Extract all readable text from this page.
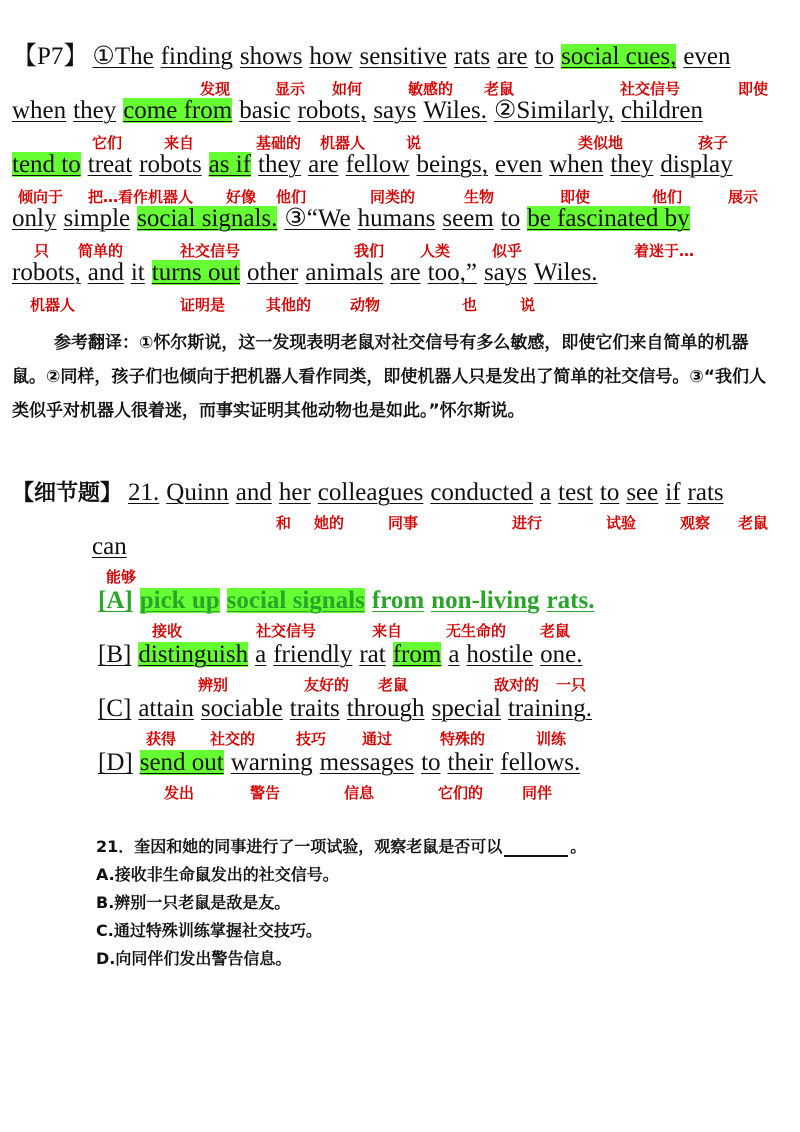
【P7】 ①The finding shows how sensitive rats are to social cues, even
发现	显示 如何	敏感的 老鼠	社交信号	即使
when they come from basic robots, says Wiles. ②Similarly, children
它们	来自	基础的 机器人	说	类似地	孩子
tend to treat robots as if they are fellow beings, even when they display
倾向于 把…看作机器人 好像 他们	同类的	生物	即使	他们	展示
only simple social signals. ③“We humans seem to be fascinated by
只 简单的	社交信号	我们 人类	似乎	着迷于…
robots, and it turns out other animals are too,” says Wiles.
机器人	证明是	其他的	动物	也	说
参考翻译：①怀尔斯说，这一发现表明老鼠对社交信号有多么敏感，即使它们来自简单的机器鼠。②同样，孩子们也倾向于把机器人看作同类，即使机器人只是发出了简单的社交信号。③“我们人类似乎对机器人很着迷，而事实证明其他动物也是如此。”怀尔斯说。
【细节题】 21. Quinn and her colleagues conducted a test to see if rats
和 她的	同事	进行	试验	观察 老鼠
can
能够
[A] pick up social signals from non-living rats.
接收	社交信号	来自	无生命的 老鼠
[B] distinguish a friendly rat from a hostile one.
辨别	友好的 老鼠	敌对的 一只
[C] attain sociable traits through special training.
获得 社交的	技巧 通过	特殊的	训练
[D] send out warning messages to their fellows.
发出	警告	信息	它们的	同伴
21．奎因和她的同事进行了一项试验，观察老鼠是否可以	。
A.接收非生命鼠发出的社交信号。
B.辨别一只老鼠是敌是友。
C.通过特殊训练掌握社交技巧。
D.向同伴们发出警告信息。
